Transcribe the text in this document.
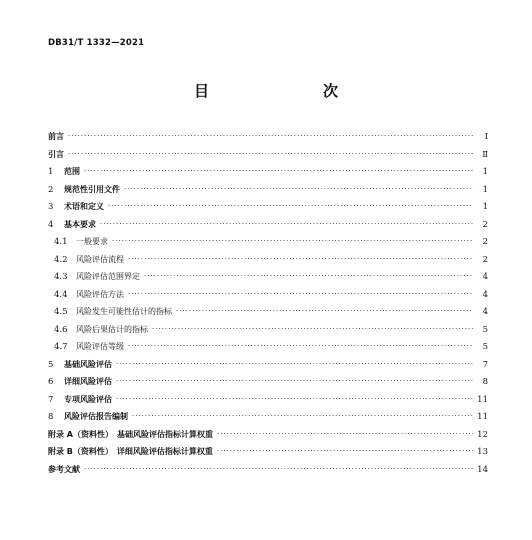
DB31/T 1332—2021
目　　次
前言 ·····	Ⅰ
引言 ·····	Ⅱ
1	范围 ·····	1
2	规范性引用文件 ·····	1
3	术语和定义 ·····	1
4	基本要求 ·····	2
4.1	一般要求 ·····	2
4.2	风险评估流程 ·····	2
4.3	风险评估范围界定 ·····	4
4.4	风险评估方法 ·····	4
4.5	风险发生可能性估计的指标 ·····	4
4.6	风险后果估计的指标 ·····	5
4.7	风险评估等级 ·····	5
5	基础风险评估 ·····	7
6	详细风险评估 ·····	8
7	专项风险评估 ·····	11
8	风险评估报告编制 ·····	11
附录 A（资料性）　基础风险评估指标计算权重 ·····	12
附录 B（资料性）　详细风险评估指标计算权重 ·····	13
参考文献 ·····	14
